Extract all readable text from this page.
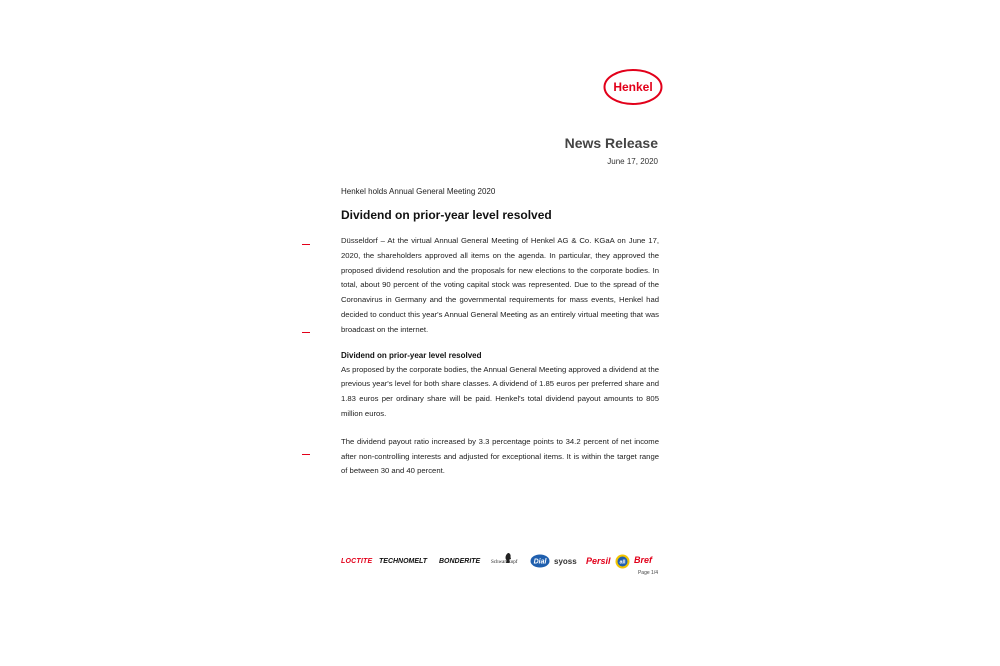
Henkel
News Release
June 17, 2020

Henkel holds Annual General Meeting 2020

Dividend on prior-year level resolved

Düsseldorf – At the virtual Annual General Meeting of Henkel AG & Co. KGaA on June 17, 2020, the shareholders approved all items on the agenda. In particular, they approved the proposed dividend resolution and the proposals for new elections to the corporate bodies. In total, about 90 percent of the voting capital stock was represented. Due to the spread of the Coronavirus in Germany and the governmental requirements for mass events, Henkel had decided to conduct this year's Annual General Meeting as an entirely virtual meeting that was broadcast on the internet.

Dividend on prior-year level resolved

As proposed by the corporate bodies, the Annual General Meeting approved a dividend at the previous year's level for both share classes. A dividend of 1.85 euros per preferred share and 1.83 euros per ordinary share will be paid. Henkel's total dividend payout amounts to 805 million euros.

The dividend payout ratio increased by 3.3 percentage points to 34.2 percent of net income after non-controlling interests and adjusted for exceptional items. It is within the target range of between 30 and 40 percent.

LOCTITE TECHNOMELT BONDERITE Schwarzkopf Dial syoss Persil all Bref
Page 1/4
